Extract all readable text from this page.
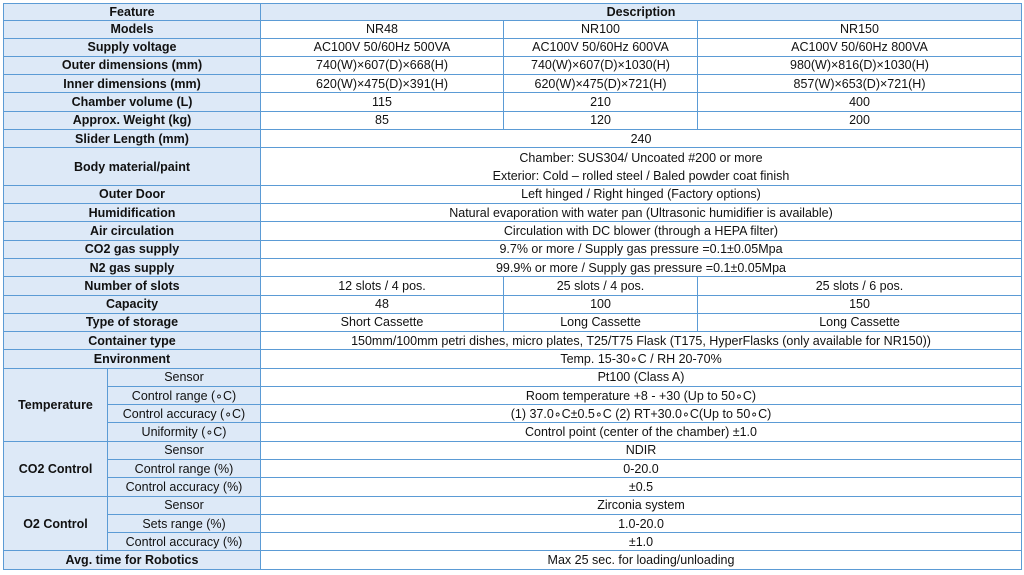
Feature		Description		
Models		NR48	NR100	NR150
Supply voltage		AC100V 50/60Hz 500VA	AC100V 50/60Hz 600VA	AC100V 50/60Hz 800VA
Outer dimensions (mm)		740(W)×607(D)×668(H)	740(W)×607(D)×1030(H)	980(W)×816(D)×1030(H)
Inner dimensions (mm)		620(W)×475(D)×391(H)	620(W)×475(D)×721(H)	857(W)×653(D)×721(H)
Chamber volume (L)		115	210	400
Approx. Weight (kg)		85	120	200
Slider Length (mm)		240		
Body material/paint		Chamber: SUS304/ Uncoated #200 or more
Exterior: Cold – rolled steel / Baled powder coat finish		

Outer Door		Left hinged / Right hinged (Factory options)		
Humidification		Natural evaporation with water pan (Ultrasonic humidifier is available)		
Air circulation		Circulation with DC blower (through a HEPA filter)		
CO2 gas supply		9.7% or more / Supply gas pressure =0.1±0.05Mpa		
N2 gas supply		99.9% or more / Supply gas pressure =0.1±0.05Mpa		
Number of slots		12 slots / 4 pos.	25 slots / 4 pos.	25 slots / 6 pos.
Capacity		48	100	150
Type of storage		Short Cassette	Long Cassette	Long Cassette
Container type		150mm/100mm petri dishes, micro plates, T25/T75 Flask (T175, HyperFlasks (only available for NR150))		
Environment		Temp. 15-30∘C / RH 20-70%		
Temperature	Sensor	Pt100 (Class A)		
	Control range (∘C)	Room temperature +8 - +30 (Up to 50∘C)		
	Control accuracy (∘C)	(1) 37.0∘C±0.5∘C (2) RT+30.0∘C(Up to 50∘C)		
	Uniformity (∘C)	Control point (center of the chamber) ±1.0		
CO2 Control	Sensor	NDIR		
	Control range (%)	0-20.0		
	Control accuracy (%)	±0.5		
O2 Control	Sensor	Zirconia system		
	Sets range (%)	1.0-20.0		
	Control accuracy (%)	±1.0		
Avg. time for Robotics		Max 25 sec. for loading/unloading		
